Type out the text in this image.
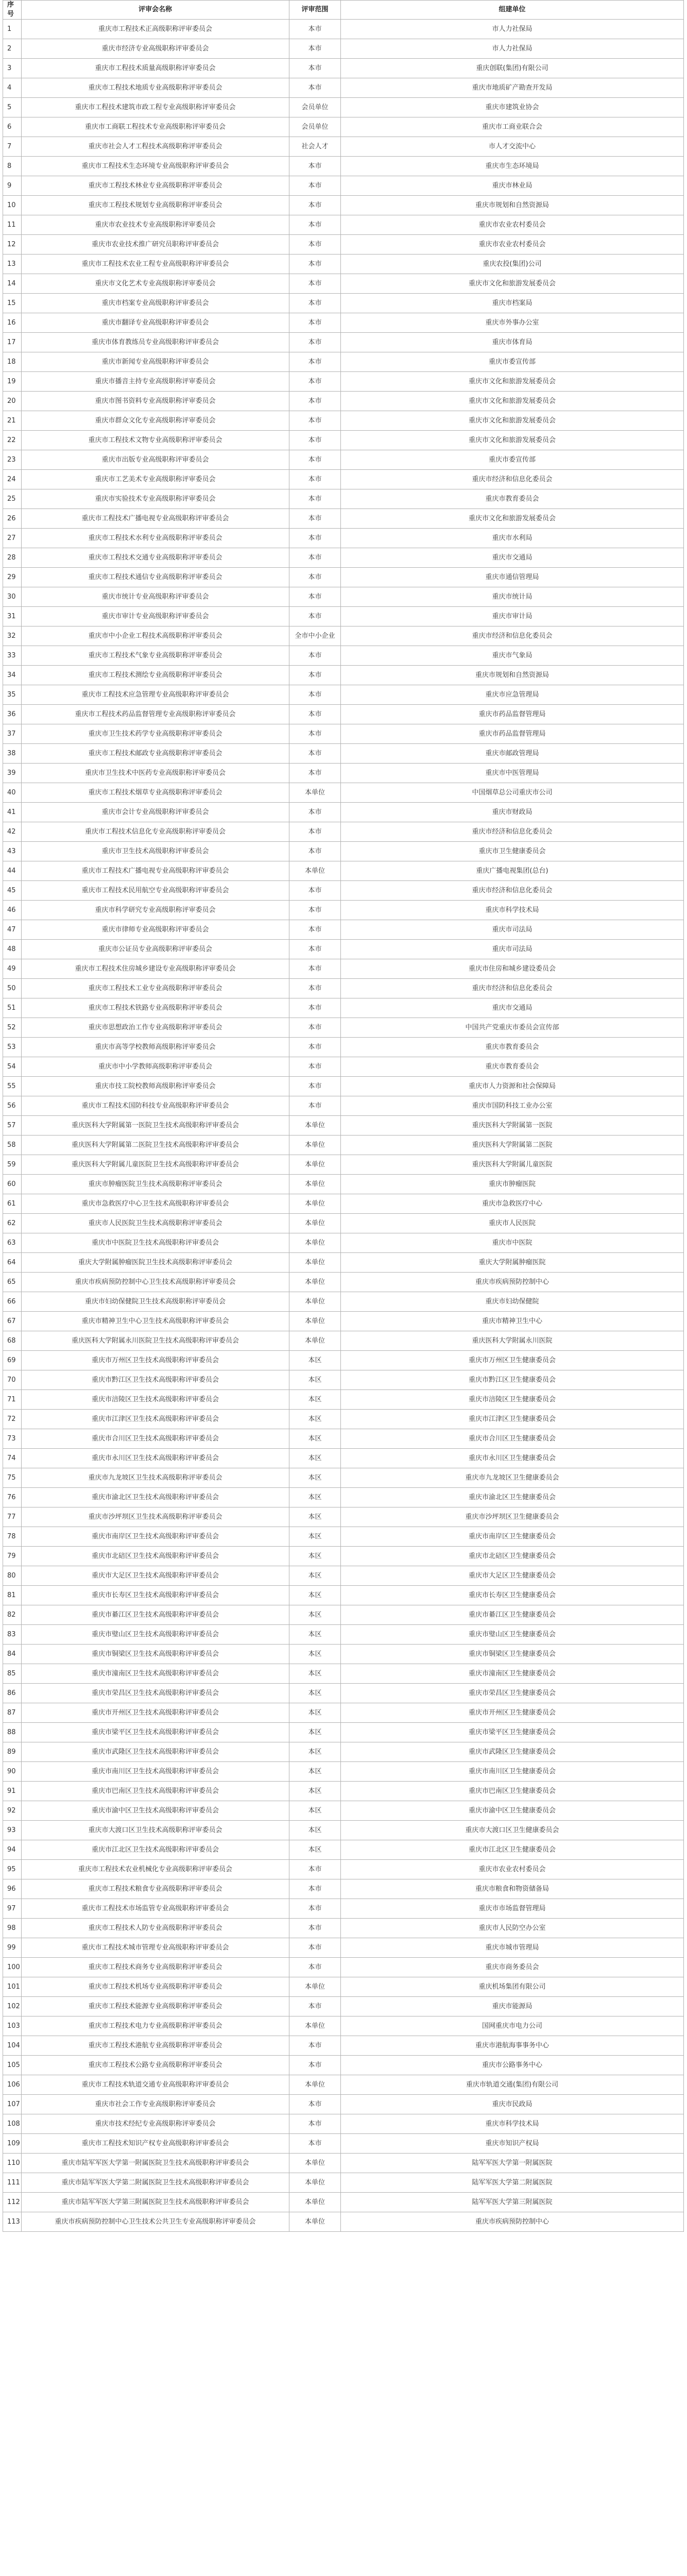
序号	评审会名称	评审范围	组建单位
1	重庆市工程技术正高级职称评审委员会	本市	市人力社保局
2	重庆市经济专业高级职称评审委员会	本市	市人力社保局
3	重庆市工程技术质量高级职称评审委员会	本市	重庆创联(集团)有限公司
4	重庆市工程技术地质专业高级职称评审委员会	本市	重庆市地质矿产勘查开发局
5	重庆市工程技术建筑市政工程专业高级职称评审委员会	会员单位	重庆市建筑业协会
6	重庆市工商联工程技术专业高级职称评审委员会	会员单位	重庆市工商业联合会
7	重庆市社会人才工程技术高级职称评审委员会	社会人才	市人才交流中心
8	重庆市工程技术生态环境专业高级职称评审委员会	本市	重庆市生态环境局
9	重庆市工程技术林业专业高级职称评审委员会	本市	重庆市林业局
10	重庆市工程技术规划专业高级职称评审委员会	本市	重庆市规划和自然资源局
11	重庆市农业技术专业高级职称评审委员会	本市	重庆市农业农村委员会
12	重庆市农业技术推广研究员职称评审委员会	本市	重庆市农业农村委员会
13	重庆市工程技术农业工程专业高级职称评审委员会	本市	重庆农投(集团)公司
14	重庆市文化艺术专业高级职称评审委员会	本市	重庆市文化和旅游发展委员会
15	重庆市档案专业高级职称评审委员会	本市	重庆市档案局
16	重庆市翻译专业高级职称评审委员会	本市	重庆市外事办公室
17	重庆市体育教练员专业高级职称评审委员会	本市	重庆市体育局
18	重庆市新闻专业高级职称评审委员会	本市	重庆市委宣传部
19	重庆市播音主持专业高级职称评审委员会	本市	重庆市文化和旅游发展委员会
20	重庆市图书资料专业高级职称评审委员会	本市	重庆市文化和旅游发展委员会
21	重庆市群众文化专业高级职称评审委员会	本市	重庆市文化和旅游发展委员会
22	重庆市工程技术文物专业高级职称评审委员会	本市	重庆市文化和旅游发展委员会
23	重庆市出版专业高级职称评审委员会	本市	重庆市委宣传部
24	重庆市工艺美术专业高级职称评审委员会	本市	重庆市经济和信息化委员会
25	重庆市实验技术专业高级职称评审委员会	本市	重庆市教育委员会
26	重庆市工程技术广播电视专业高级职称评审委员会	本市	重庆市文化和旅游发展委员会
27	重庆市工程技术水利专业高级职称评审委员会	本市	重庆市水利局
28	重庆市工程技术交通专业高级职称评审委员会	本市	重庆市交通局
29	重庆市工程技术通信专业高级职称评审委员会	本市	重庆市通信管理局
30	重庆市统计专业高级职称评审委员会	本市	重庆市统计局
31	重庆市审计专业高级职称评审委员会	本市	重庆市审计局
32	重庆市中小企业工程技术高级职称评审委员会	全市中小企业	重庆市经济和信息化委员会
33	重庆市工程技术气象专业高级职称评审委员会	本市	重庆市气象局
34	重庆市工程技术测绘专业高级职称评审委员会	本市	重庆市规划和自然资源局
35	重庆市工程技术应急管理专业高级职称评审委员会	本市	重庆市应急管理局
36	重庆市工程技术药品监督管理专业高级职称评审委员会	本市	重庆市药品监督管理局
37	重庆市卫生技术药学专业高级职称评审委员会	本市	重庆市药品监督管理局
38	重庆市工程技术邮政专业高级职称评审委员会	本市	重庆市邮政管理局
39	重庆市卫生技术中医药专业高级职称评审委员会	本市	重庆市中医管理局
40	重庆市工程技术烟草专业高级职称评审委员会	本单位	中国烟草总公司重庆市公司
41	重庆市会计专业高级职称评审委员会	本市	重庆市财政局
42	重庆市工程技术信息化专业高级职称评审委员会	本市	重庆市经济和信息化委员会
43	重庆市卫生技术高级职称评审委员会	本市	重庆市卫生健康委员会
44	重庆市工程技术广播电视专业高级职称评审委员会	本单位	重庆广播电视集团(总台)
45	重庆市工程技术民用航空专业高级职称评审委员会	本市	重庆市经济和信息化委员会
46	重庆市科学研究专业高级职称评审委员会	本市	重庆市科学技术局
47	重庆市律师专业高级职称评审委员会	本市	重庆市司法局
48	重庆市公证员专业高级职称评审委员会	本市	重庆市司法局
49	重庆市工程技术住房城乡建设专业高级职称评审委员会	本市	重庆市住房和城乡建设委员会
50	重庆市工程技术工业专业高级职称评审委员会	本市	重庆市经济和信息化委员会
51	重庆市工程技术铁路专业高级职称评审委员会	本市	重庆市交通局
52	重庆市思想政治工作专业高级职称评审委员会	本市	中国共产党重庆市委员会宣传部
53	重庆市高等学校教师高级职称评审委员会	本市	重庆市教育委员会
54	重庆市中小学教师高级职称评审委员会	本市	重庆市教育委员会
55	重庆市技工院校教师高级职称评审委员会	本市	重庆市人力资源和社会保障局
56	重庆市工程技术国防科技专业高级职称评审委员会	本市	重庆市国防科技工业办公室
57	重庆医科大学附属第一医院卫生技术高级职称评审委员会	本单位	重庆医科大学附属第一医院
58	重庆医科大学附属第二医院卫生技术高级职称评审委员会	本单位	重庆医科大学附属第二医院
59	重庆医科大学附属儿童医院卫生技术高级职称评审委员会	本单位	重庆医科大学附属儿童医院
60	重庆市肿瘤医院卫生技术高级职称评审委员会	本单位	重庆市肿瘤医院
61	重庆市急救医疗中心卫生技术高级职称评审委员会	本单位	重庆市急救医疗中心
62	重庆市人民医院卫生技术高级职称评审委员会	本单位	重庆市人民医院
63	重庆市中医院卫生技术高级职称评审委员会	本单位	重庆市中医院
64	重庆大学附属肿瘤医院卫生技术高级职称评审委员会	本单位	重庆大学附属肿瘤医院
65	重庆市疾病预防控制中心卫生技术高级职称评审委员会	本单位	重庆市疾病预防控制中心
66	重庆市妇幼保健院卫生技术高级职称评审委员会	本单位	重庆市妇幼保健院
67	重庆市精神卫生中心卫生技术高级职称评审委员会	本单位	重庆市精神卫生中心
68	重庆医科大学附属永川医院卫生技术高级职称评审委员会	本单位	重庆医科大学附属永川医院
69	重庆市万州区卫生技术高级职称评审委员会	本区	重庆市万州区卫生健康委员会
70	重庆市黔江区卫生技术高级职称评审委员会	本区	重庆市黔江区卫生健康委员会
71	重庆市涪陵区卫生技术高级职称评审委员会	本区	重庆市涪陵区卫生健康委员会
72	重庆市江津区卫生技术高级职称评审委员会	本区	重庆市江津区卫生健康委员会
73	重庆市合川区卫生技术高级职称评审委员会	本区	重庆市合川区卫生健康委员会
74	重庆市永川区卫生技术高级职称评审委员会	本区	重庆市永川区卫生健康委员会
75	重庆市九龙坡区卫生技术高级职称评审委员会	本区	重庆市九龙坡区卫生健康委员会
76	重庆市渝北区卫生技术高级职称评审委员会	本区	重庆市渝北区卫生健康委员会
77	重庆市沙坪坝区卫生技术高级职称评审委员会	本区	重庆市沙坪坝区卫生健康委员会
78	重庆市南岸区卫生技术高级职称评审委员会	本区	重庆市南岸区卫生健康委员会
79	重庆市北碚区卫生技术高级职称评审委员会	本区	重庆市北碚区卫生健康委员会
80	重庆市大足区卫生技术高级职称评审委员会	本区	重庆市大足区卫生健康委员会
81	重庆市长寿区卫生技术高级职称评审委员会	本区	重庆市长寿区卫生健康委员会
82	重庆市綦江区卫生技术高级职称评审委员会	本区	重庆市綦江区卫生健康委员会
83	重庆市璧山区卫生技术高级职称评审委员会	本区	重庆市璧山区卫生健康委员会
84	重庆市铜梁区卫生技术高级职称评审委员会	本区	重庆市铜梁区卫生健康委员会
85	重庆市潼南区卫生技术高级职称评审委员会	本区	重庆市潼南区卫生健康委员会
86	重庆市荣昌区卫生技术高级职称评审委员会	本区	重庆市荣昌区卫生健康委员会
87	重庆市开州区卫生技术高级职称评审委员会	本区	重庆市开州区卫生健康委员会
88	重庆市梁平区卫生技术高级职称评审委员会	本区	重庆市梁平区卫生健康委员会
89	重庆市武隆区卫生技术高级职称评审委员会	本区	重庆市武隆区卫生健康委员会
90	重庆市南川区卫生技术高级职称评审委员会	本区	重庆市南川区卫生健康委员会
91	重庆市巴南区卫生技术高级职称评审委员会	本区	重庆市巴南区卫生健康委员会
92	重庆市渝中区卫生技术高级职称评审委员会	本区	重庆市渝中区卫生健康委员会
93	重庆市大渡口区卫生技术高级职称评审委员会	本区	重庆市大渡口区卫生健康委员会
94	重庆市江北区卫生技术高级职称评审委员会	本区	重庆市江北区卫生健康委员会
95	重庆市工程技术农业机械化专业高级职称评审委员会	本市	重庆市农业农村委员会
96	重庆市工程技术粮食专业高级职称评审委员会	本市	重庆市粮食和物资储备局
97	重庆市工程技术市场监管专业高级职称评审委员会	本市	重庆市市场监督管理局
98	重庆市工程技术人防专业高级职称评审委员会	本市	重庆市人民防空办公室
99	重庆市工程技术城市管理专业高级职称评审委员会	本市	重庆市城市管理局
100	重庆市工程技术商务专业高级职称评审委员会	本市	重庆市商务委员会
101	重庆市工程技术机场专业高级职称评审委员会	本单位	重庆机场集团有限公司
102	重庆市工程技术能源专业高级职称评审委员会	本市	重庆市能源局
103	重庆市工程技术电力专业高级职称评审委员会	本单位	国网重庆市电力公司
104	重庆市工程技术港航专业高级职称评审委员会	本市	重庆市港航海事事务中心
105	重庆市工程技术公路专业高级职称评审委员会	本市	重庆市公路事务中心
106	重庆市工程技术轨道交通专业高级职称评审委员会	本单位	重庆市轨道交通(集团)有限公司
107	重庆市社会工作专业高级职称评审委员会	本市	重庆市民政局
108	重庆市技术经纪专业高级职称评审委员会	本市	重庆市科学技术局
109	重庆市工程技术知识产权专业高级职称评审委员会	本市	重庆市知识产权局
110	重庆市陆军军医大学第一附属医院卫生技术高级职称评审委员会	本单位	陆军军医大学第一附属医院
111	重庆市陆军军医大学第二附属医院卫生技术高级职称评审委员会	本单位	陆军军医大学第二附属医院
112	重庆市陆军军医大学第三附属医院卫生技术高级职称评审委员会	本单位	陆军军医大学第三附属医院
113	重庆市疾病预防控制中心卫生技术公共卫生专业高级职称评审委员会	本单位	重庆市疾病预防控制中心
